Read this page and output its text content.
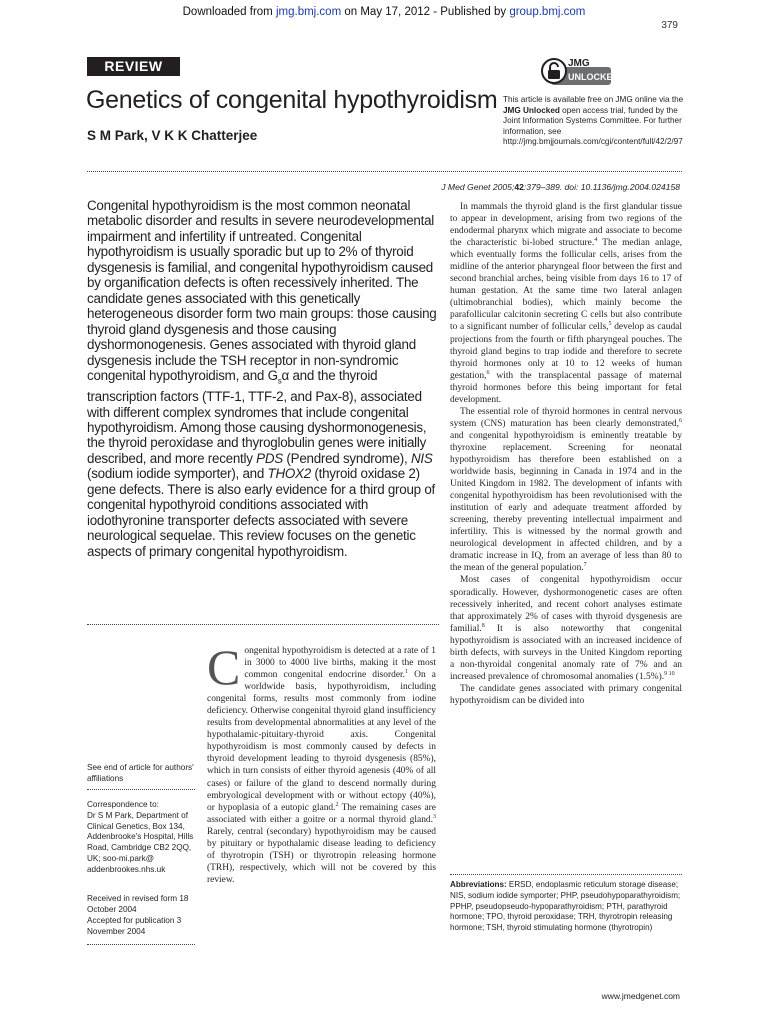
Downloaded from jmg.bmj.com on May 17, 2012 - Published by group.bmj.com
379
REVIEW
Genetics of congenital hypothyroidism
S M Park, V K K Chatterjee
JMG
UNLOCKED
This article is available free on JMG online via the JMG Unlocked open access trial, funded by the Joint Information Systems Committee. For further information, see http://jmg.bmjjournals.com/cgi/content/full/42/2/97
J Med Genet 2005;42:379–389. doi: 10.1136/jmg.2004.024158
Congenital hypothyroidism is the most common neonatal metabolic disorder and results in severe neurodevelopmental impairment and infertility if untreated. Congenital hypothyroidism is usually sporadic but up to 2% of thyroid dysgenesis is familial, and congenital hypothyroidism caused by organification defects is often recessively inherited. The candidate genes associated with this genetically heterogeneous disorder form two main groups: those causing thyroid gland dysgenesis and those causing dyshormonogenesis. Genes associated with thyroid gland dysgenesis include the TSH receptor in non-syndromic congenital hypothyroidism, and $G_s\alpha$ and the thyroid transcription factors (TTF-1, TTF-2, and Pax-8), associated with different complex syndromes that include congenital hypothyroidism. Among those causing dyshormonogenesis, the thyroid peroxidase and thyroglobulin genes were initially described, and more recently PDS (Pendred syndrome), NIS (sodium iodide symporter), and THOX2 (thyroid oxidase 2) gene defects. There is also early evidence for a third group of congenital hypothyroid conditions associated with iodothyronine transporter defects associated with severe neurological sequelae. This review focuses on the genetic aspects of primary congenital hypothyroidism.
See end of article for authors' affiliations
Correspondence to:
Dr S M Park, Department of Clinical Genetics, Box 134, Addenbrooke's Hospital, Hills Road, Cambridge CB2 2QQ, UK; soo-mi.park@ addenbrookes.nhs.uk
Received in revised form 18 October 2004
Accepted for publication 3 November 2004

Congenital hypothyroidism is detected at a rate of 1 in 3000 to 4000 live births, making it the most common congenital endocrine disorder.$^1$ On a worldwide basis, hypothyroidism, including congenital forms, results most commonly from iodine deficiency. Otherwise congenital thyroid gland insufficiency results from developmental abnormalities at any level of the hypothalamic-pituitary-thyroid axis. Congenital hypothyroidism is most commonly caused by defects in thyroid development leading to thyroid dysgenesis (85%), which in turn consists of either thyroid agenesis (40% of all cases) or failure of the gland to descend normally during embryological development with or without ectopy (40%), or hypoplasia of a eutopic gland.$^2$ The remaining cases are associated with either a goitre or a normal thyroid gland.$^3$ Rarely, central (secondary) hypothyroidism may be caused by pituitary or hypothalamic disease leading to deficiency of thyrotropin (TSH) or thyrotropin releasing hormone (TRH), respectively, which will not be covered by this review.

In mammals the thyroid gland is the first glandular tissue to appear in development, arising from two regions of the endodermal pharynx which migrate and associate to become the characteristic bi-lobed structure.$^4$ The median anlage, which eventually forms the follicular cells, arises from the midline of the anterior pharyngeal floor between the first and second branchial arches, being visible from days 16 to 17 of human gestation. At the same time two lateral anlagen (ultimobranchial bodies), which mainly become the parafollicular calcitonin secreting C cells but also contribute to a significant number of follicular cells,$^5$ develop as caudal projections from the fourth or fifth pharyngeal pouches. The thyroid gland begins to trap iodide and therefore to secrete thyroid hormones only at 10 to 12 weeks of human gestation,$^6$ with the transplacental passage of maternal thyroid hormones before this being important for fetal development.

The essential role of thyroid hormones in central nervous system (CNS) maturation has been clearly demonstrated,$^6$ and congenital hypothyroidism is eminently treatable by thyroxine replacement. Screening for neonatal hypothyroidism has therefore been established on a worldwide basis, beginning in Canada in 1974 and in the United Kingdom in 1982. The development of infants with congenital hypothyroidism has been revolutionised with the institution of early and adequate treatment afforded by screening, thereby preventing intellectual impairment and infertility. This is witnessed by the normal growth and neurological development in affected children, and by a dramatic increase in IQ, from an average of less than 80 to the mean of the general population.$^7$

Most cases of congenital hypothyroidism occur sporadically. However, dyshormonogenetic cases are often recessively inherited, and recent cohort analyses estimate that approximately 2% of cases with thyroid dysgenesis are familial.$^8$ It is also noteworthy that congenital hypothyroidism is associated with an increased incidence of birth defects, with surveys in the United Kingdom reporting a non-thyroidal congenital anomaly rate of 7% and an increased prevalence of chromosomal anomalies (1.5%).$^{9 10}$

The candidate genes associated with primary congenital hypothyroidism can be divided into

Abbreviations: ERSD, endoplasmic reticulum storage disease; NIS, sodium iodide symporter; PHP, pseudohypoparathyroidism; PPHP, pseudopseudo-hypoparathyroidism; PTH, parathyroid hormone; TPO, thyroid peroxidase; TRH, thyrotropin releasing hormone; TSH, thyroid stimulating hormone (thyrotropin)
www.jmedgenet.com
